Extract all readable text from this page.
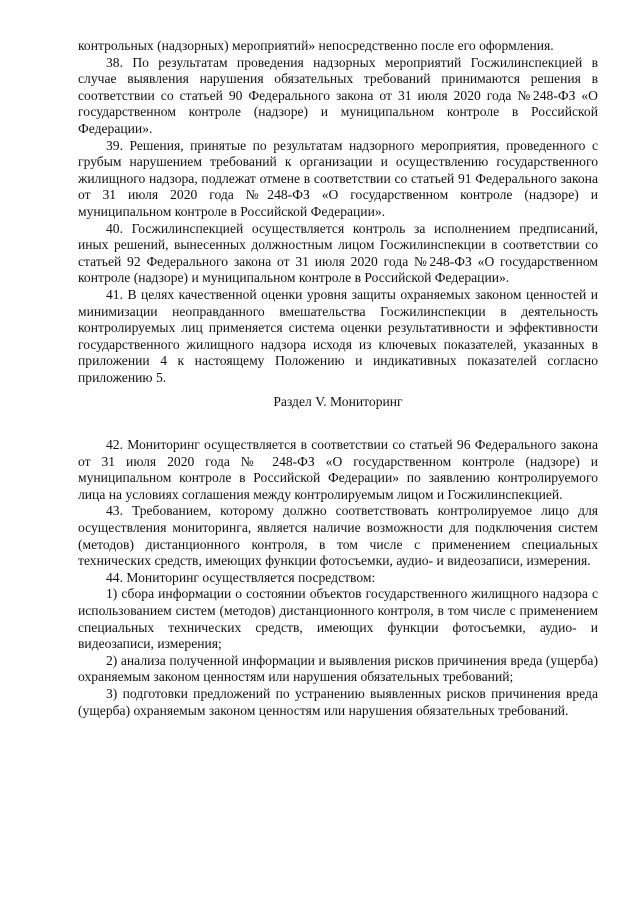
контрольных (надзорных) мероприятий» непосредственно после его оформления.

38. По результатам проведения надзорных мероприятий Госжилинспекцией в случае выявления нарушения обязательных требований принимаются решения в соответствии со статьей 90 Федерального закона от 31 июля 2020 года №248-ФЗ «О государственном контроле (надзоре) и муниципальном контроле в Российской Федерации».

39. Решения, принятые по результатам надзорного мероприятия, проведенного с грубым нарушением требований к организации и осуществлению государственного жилищного надзора, подлежат отмене в соответствии со статьей 91 Федерального закона от 31 июля 2020 года №248-ФЗ «О государственном контроле (надзоре) и муниципальном контроле в Российской Федерации».

40. Госжилинспекцией осуществляется контроль за исполнением предписаний, иных решений, вынесенных должностным лицом Госжилинспекции в соответствии со статьей 92 Федерального закона от 31 июля 2020 года №248-ФЗ «О государственном контроле (надзоре) и муниципальном контроле в Российской Федерации».

41. В целях качественной оценки уровня защиты охраняемых законом ценностей и минимизации неоправданного вмешательства Госжилинспекции в деятельность контролируемых лиц применяется система оценки результативности и эффективности государственного жилищного надзора исходя из ключевых показателей, указанных в приложении 4 к настоящему Положению и индикативных показателей согласно приложению 5.

Раздел V. Мониторинг

42. Мониторинг осуществляется в соответствии со статьей 96 Федерального закона от 31 июля 2020 года № 248-ФЗ «О государственном контроле (надзоре) и муниципальном контроле в Российской Федерации» по заявлению контролируемого лица на условиях соглашения между контролируемым лицом и Госжилинспекцией.

43. Требованием, которому должно соответствовать контролируемое лицо для осуществления мониторинга, является наличие возможности для подключения систем (методов) дистанционного контроля, в том числе с применением специальных технических средств, имеющих функции фотосъемки, аудио- и видеозаписи, измерения.

44. Мониторинг осуществляется посредством:

1) сбора информации о состоянии объектов государственного жилищного надзора с использованием систем (методов) дистанционного контроля, в том числе с применением специальных технических средств, имеющих функции фотосъемки, аудио- и видеозаписи, измерения;

2) анализа полученной информации и выявления рисков причинения вреда (ущерба) охраняемым законом ценностям или нарушения обязательных требований;

3) подготовки предложений по устранению выявленных рисков причинения вреда (ущерба) охраняемым законом ценностям или нарушения обязательных требований.
